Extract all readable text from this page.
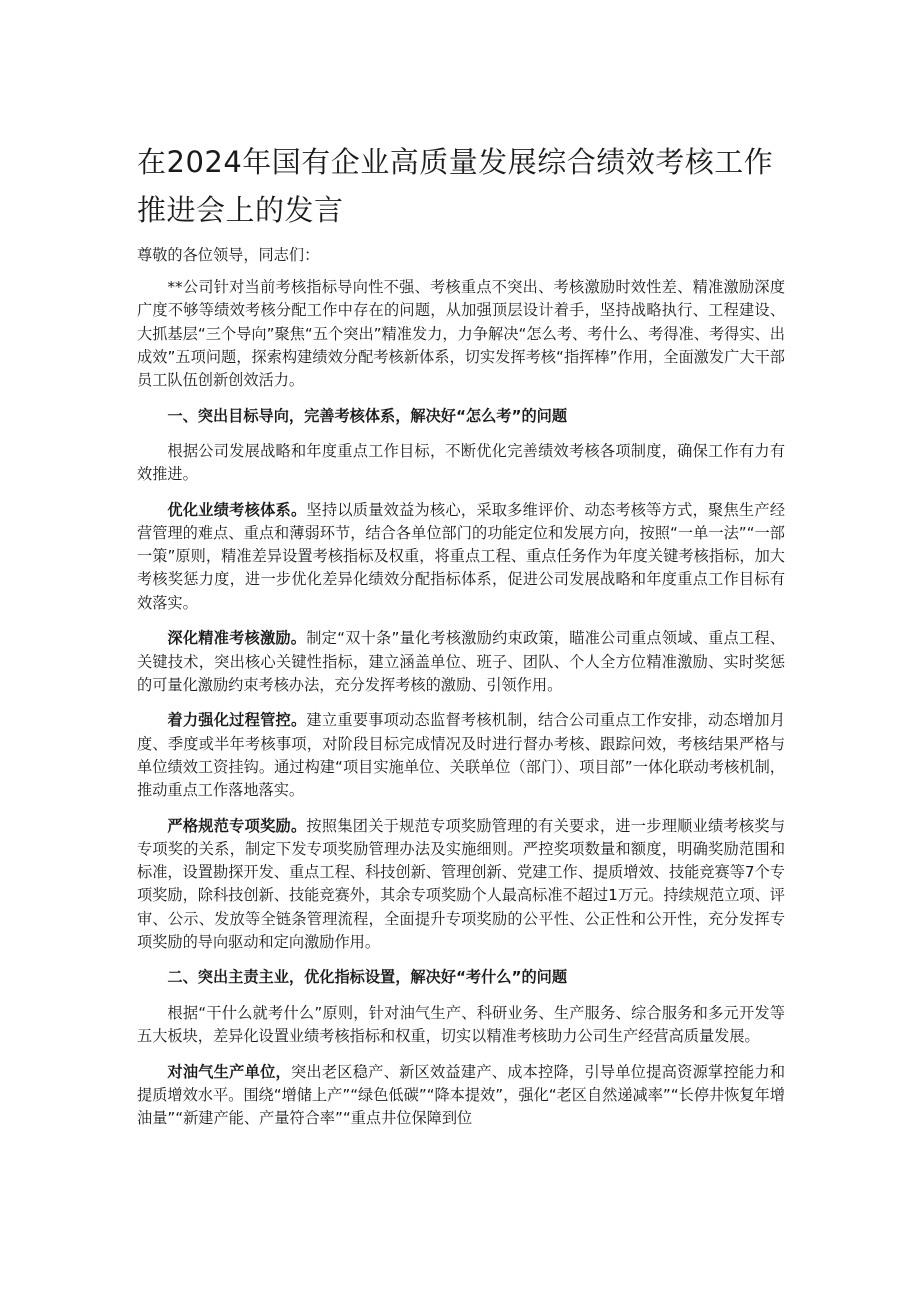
在2024年国有企业高质量发展综合绩效考核工作推进会上的发言

尊敬的各位领导，同志们：

**公司针对当前考核指标导向性不强、考核重点不突出、考核激励时效性差、精准激励深度广度不够等绩效考核分配工作中存在的问题，从加强顶层设计着手，坚持战略执行、工程建设、大抓基层“三个导向”聚焦“五个突出”精准发力，力争解决“怎么考、考什么、考得准、考得实、出成效”五项问题，探索构建绩效分配考核新体系，切实发挥考核“指挥棒”作用，全面激发广大干部员工队伍创新创效活力。

一、突出目标导向，完善考核体系，解决好“怎么考”的问题

根据公司发展战略和年度重点工作目标，不断优化完善绩效考核各项制度，确保工作有力有效推进。

优化业绩考核体系。坚持以质量效益为核心，采取多维评价、动态考核等方式，聚焦生产经营管理的难点、重点和薄弱环节，结合各单位部门的功能定位和发展方向，按照“一单一法”“一部一策”原则，精准差异设置考核指标及权重，将重点工程、重点任务作为年度关键考核指标，加大考核奖惩力度，进一步优化差异化绩效分配指标体系，促进公司发展战略和年度重点工作目标有效落实。

深化精准考核激励。制定“双十条”量化考核激励约束政策，瞄准公司重点领域、重点工程、关键技术，突出核心关键性指标，建立涵盖单位、班子、团队、个人全方位精准激励、实时奖惩的可量化激励约束考核办法，充分发挥考核的激励、引领作用。

着力强化过程管控。建立重要事项动态监督考核机制，结合公司重点工作安排，动态增加月度、季度或半年考核事项，对阶段目标完成情况及时进行督办考核、跟踪问效，考核结果严格与单位绩效工资挂钩。通过构建“项目实施单位、关联单位（部门）、项目部”一体化联动考核机制，推动重点工作落地落实。

严格规范专项奖励。按照集团关于规范专项奖励管理的有关要求，进一步理顺业绩考核奖与专项奖的关系，制定下发专项奖励管理办法及实施细则。严控奖项数量和额度，明确奖励范围和标准，设置勘探开发、重点工程、科技创新、管理创新、党建工作、提质增效、技能竞赛等7个专项奖励，除科技创新、技能竞赛外，其余专项奖励个人最高标准不超过1万元。持续规范立项、评审、公示、发放等全链条管理流程，全面提升专项奖励的公平性、公正性和公开性，充分发挥专项奖励的导向驱动和定向激励作用。

二、突出主责主业，优化指标设置，解决好“考什么”的问题

根据“干什么就考什么”原则，针对油气生产、科研业务、生产服务、综合服务和多元开发等五大板块，差异化设置业绩考核指标和权重，切实以精准考核助力公司生产经营高质量发展。

对油气生产单位，突出老区稳产、新区效益建产、成本控降，引导单位提高资源掌控能力和提质增效水平。围绕“增储上产”“绿色低碳”“降本提效”，强化“老区自然递减率”“长停井恢复年增油量”“新建产能、产量符合率”“重点井位保障到位
